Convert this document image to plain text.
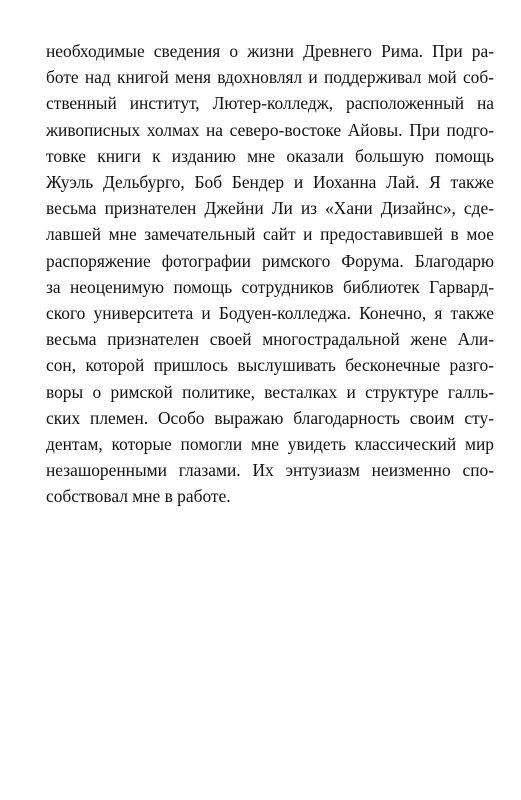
необходимые сведения о жизни Древнего Рима. При ра-
боте над книгой меня вдохновлял и поддерживал мой соб-
ственный институт, Лютер-колледж, расположенный на
живописных холмах на северо-востоке Айовы. При подго-
товке книги к изданию мне оказали большую помощь
Жуэль Дельбурго, Боб Бендер и Иоханна Лай. Я также
весьма признателен Джейни Ли из «Хани Дизайнс», сде-
лавшей мне замечательный сайт и предоставившей в мое
распоряжение фотографии римского Форума. Благодарю
за неоценимую помощь сотрудников библиотек Гарвард-
ского университета и Бодуен-колледжа. Конечно, я также
весьма признателен своей многострадальной жене Али-
сон, которой пришлось выслушивать бесконечные разго-
воры о римской политике, весталках и структуре галль-
ских племен. Особо выражаю благодарность своим сту-
дентам, которые помогли мне увидеть классический мир
незашоренными глазами. Их энтузиазм неизменно спо-
собствовал мне в работе.
